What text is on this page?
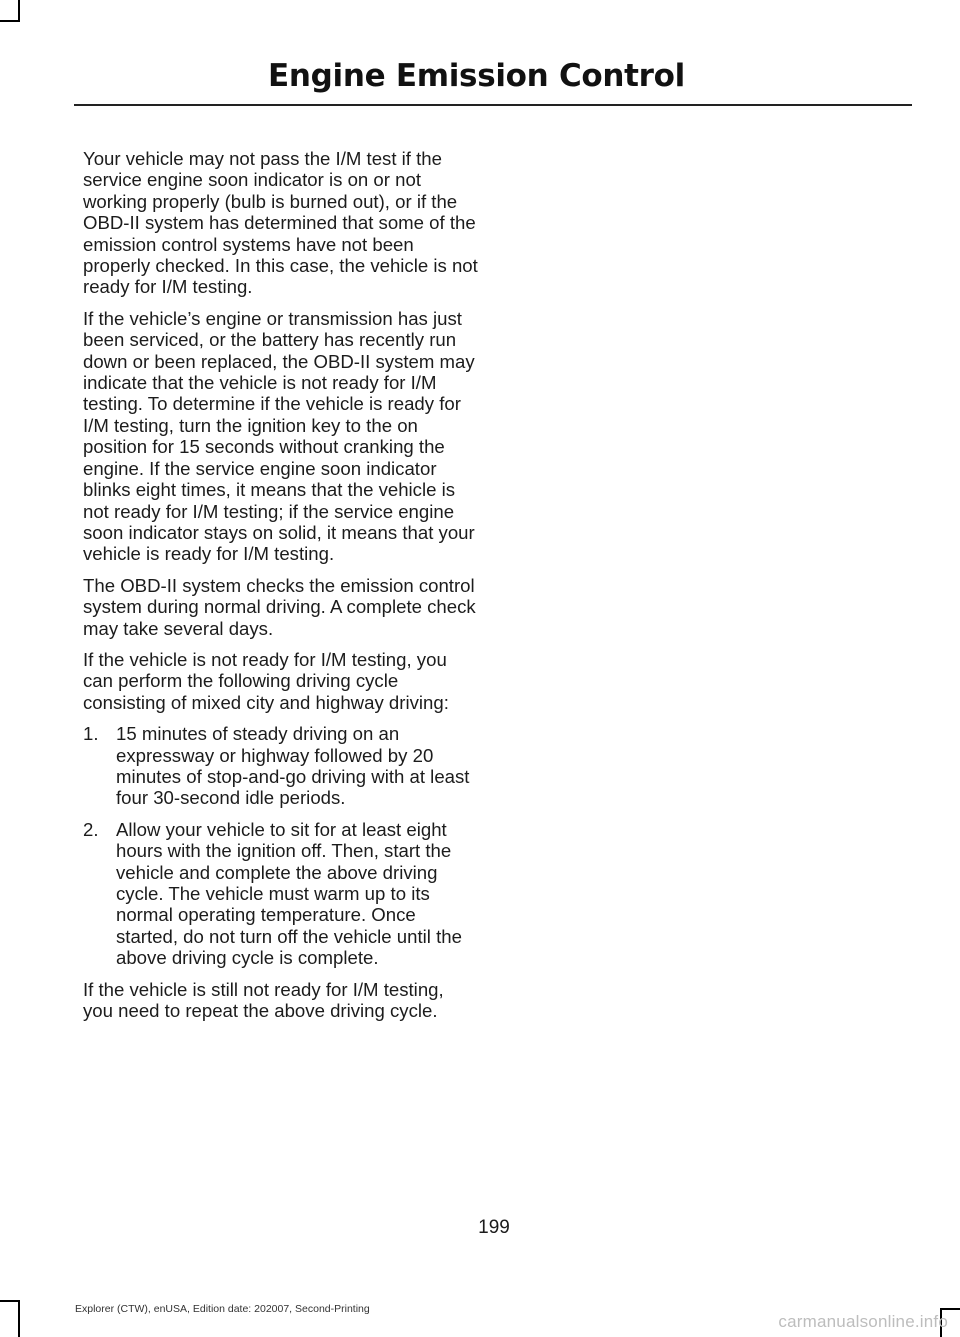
Engine Emission Control

Your vehicle may not pass the I/M test if the service engine soon indicator is on or not working properly (bulb is burned out), or if the OBD-II system has determined that some of the emission control systems have not been properly checked. In this case, the vehicle is not ready for I/M testing.

If the vehicle’s engine or transmission has just been serviced, or the battery has recently run down or been replaced, the OBD-II system may indicate that the vehicle is not ready for I/M testing. To determine if the vehicle is ready for I/M testing, turn the ignition key to the on position for 15 seconds without cranking the engine. If the service engine soon indicator blinks eight times, it means that the vehicle is not ready for I/M testing; if the service engine soon indicator stays on solid, it means that your vehicle is ready for I/M testing.

The OBD-II system checks the emission control system during normal driving. A complete check may take several days.

If the vehicle is not ready for I/M testing, you can perform the following driving cycle consisting of mixed city and highway driving:

1. 15 minutes of steady driving on an expressway or highway followed by 20 minutes of stop-and-go driving with at least four 30-second idle periods.
2. Allow your vehicle to sit for at least eight hours with the ignition off. Then, start the vehicle and complete the above driving cycle. The vehicle must warm up to its normal operating temperature. Once started, do not turn off the vehicle until the above driving cycle is complete.

If the vehicle is still not ready for I/M testing, you need to repeat the above driving cycle.

199
Explorer (CTW), enUSA, Edition date: 202007, Second-Printing
carmanualsonline.info
